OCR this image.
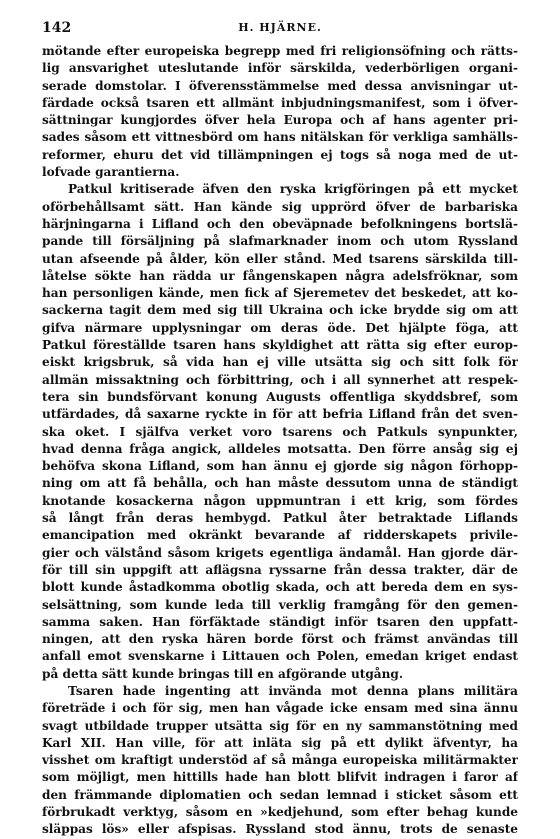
142	H. HJÄRNE.
mötande efter europeiska begrepp med fri religionsöfning och rätts-
lig ansvarighet uteslutande inför särskilda, vederbörligen organi-
serade domstolar. I öfverensstämmelse med dessa anvisningar ut-
färdade också tsaren ett allmänt inbjudningsmanifest, som i öfver-
sättningar kungjordes öfver hela Europa och af hans agenter pri-
sades såsom ett vittnesbörd om hans nitälskan för verkliga samhälls-
reformer, ehuru det vid tillämpningen ej togs så noga med de ut-
lofvade garantierna.
Patkul kritiserade äfven den ryska krigföringen på ett mycket
oförbehållsamt sätt. Han kände sig upprörd öfver de barbariska
härjningarna i Lifland och den obeväpnade befolkningens bortslä-
pande till försäljning på slafmarknader inom och utom Ryssland
utan afseende på ålder, kön eller stånd. Med tsarens särskilda till-
låtelse sökte han rädda ur fångenskapen några adelsfröknar, som
han personligen kände, men fick af Sjeremetev det beskedet, att ko-
sackerna tagit dem med sig till Ukraina och icke brydde sig om att
gifva närmare upplysningar om deras öde. Det hjälpte föga, att
Patkul föreställde tsaren hans skyldighet att rätta sig efter europ-
eiskt krigsbruk, så vida han ej ville utsätta sig och sitt folk för
allmän missaktning och förbittring, och i all synnerhet att respek-
tera sin bundsförvant konung Augusts offentliga skyddsbref, som
utfärdades, då saxarne ryckte in för att befria Lifland från det sven-
ska oket. I själfva verket voro tsarens och Patkuls synpunkter,
hvad denna fråga angick, alldeles motsatta. Den förre ansåg sig ej
behöfva skona Lifland, som han ännu ej gjorde sig någon förhopp-
ning om att få behålla, och han måste dessutom unna de ständigt
knotande kosackerna någon uppmuntran i ett krig, som fördes
så långt från deras hembygd. Patkul åter betraktade Liflands
emancipation med okränkt bevarande af ridderskapets privile-
gier och välstånd såsom krigets egentliga ändamål. Han gjorde där-
för till sin uppgift att aflägsna ryssarne från dessa trakter, där de
blott kunde åstadkomma obotlig skada, och att bereda dem en sys-
selsättning, som kunde leda till verklig framgång för den gemen-
samma saken. Han förfäktade ständigt inför tsaren den uppfatt-
ningen, att den ryska hären borde först och främst användas till
anfall emot svenskarne i Littauen och Polen, emedan kriget endast
på detta sätt kunde bringas till en afgörande utgång.
Tsaren hade ingenting att invända mot denna plans militära
företräde i och för sig, men han vågade icke ensam med sina ännu
svagt utbildade trupper utsätta sig för en ny sammanstötning med
Karl XII. Han ville, för att inläta sig på ett dylikt äfventyr, ha
visshet om kraftigt understöd af så många europeiska militärmakter
som möjligt, men hittills hade han blott blifvit indragen i faror af
den främmande diplomatien och sedan lemnad i sticket såsom ett
förbrukadt verktyg, såsom en »kedjehund, som efter behag kunde
släppas lös» eller afspisas. Ryssland stod ännu, trots de senaste
